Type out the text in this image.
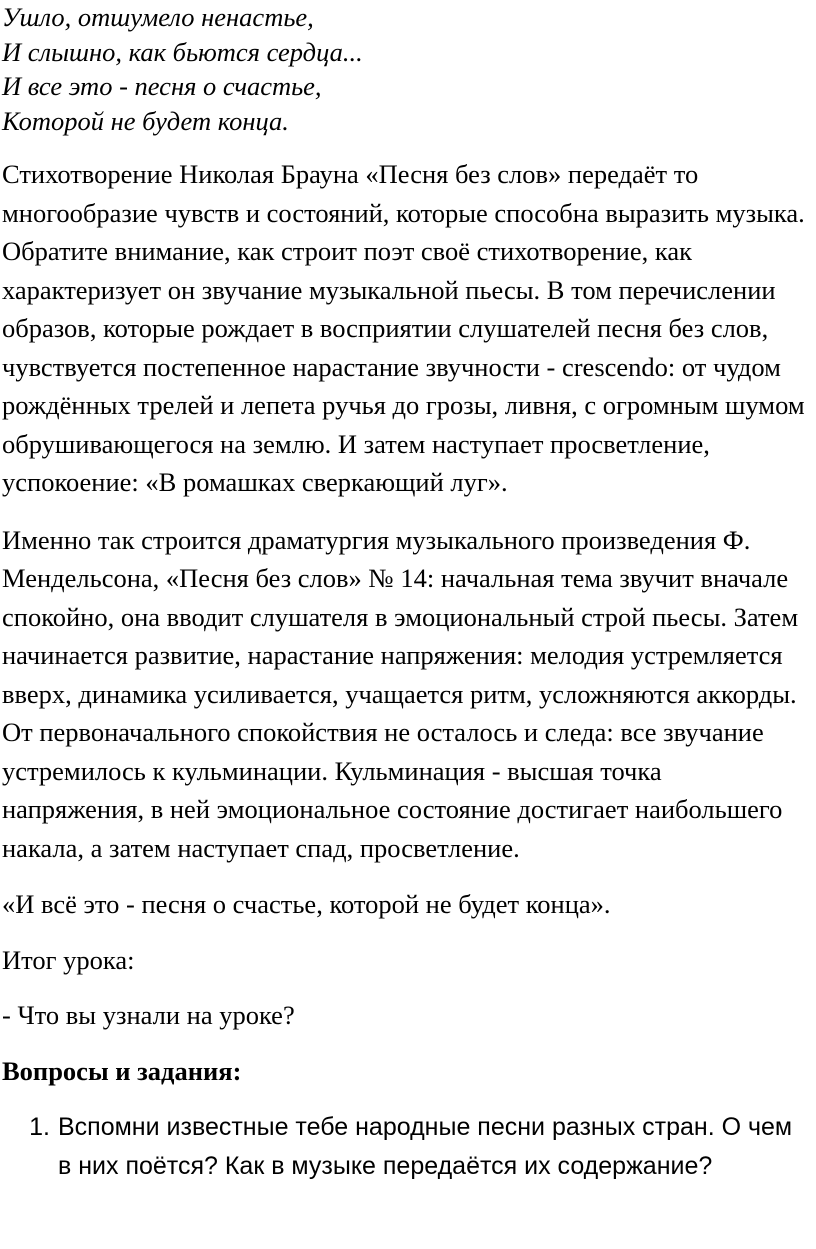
Ушло, отшумело ненастье,
И слышно, как бьются сердца...
И все это - песня о счастье,
Которой не будет конца.

Стихотворение Николая Брауна «Песня без слов» передаёт то многообразие чувств и состояний, которые способна выразить музыка. Обратите внимание, как строит поэт своё стихотворение, как характеризует он звучание музыкальной пьесы. В том перечислении образов, которые рождает в восприятии слушателей песня без слов, чувствуется постепенное нарастание звучности - crescendo: от чудом рождённых трелей и лепета ручья до грозы, ливня, с огромным шумом обрушивающегося на землю. И затем наступает просветление, успокоение: «В ромашках сверкающий луг».

Именно так строится драматургия музыкального произведения Ф. Мендельсона, «Песня без слов» № 14: начальная тема звучит вначале спокойно, она вводит слушателя в эмоциональный строй пьесы. Затем начинается развитие, нарастание напряжения: мелодия устремляется вверх, динамика усиливается, учащается ритм, усложняются аккорды. От первоначального спокойствия не осталось и следа: все звучание устремилось к кульминации. Кульминация - высшая точка напряжения, в ней эмоциональное состояние достигает наибольшего накала, а затем наступает спад, просветление.

«И всё это - песня о счастье, которой не будет конца».

Итог урока:

- Что вы узнали на уроке?

Вопросы и задания:
1. Вспомни известные тебе народные песни разных стран. О чем в них поётся? Как в музыке передаётся их содержание?
